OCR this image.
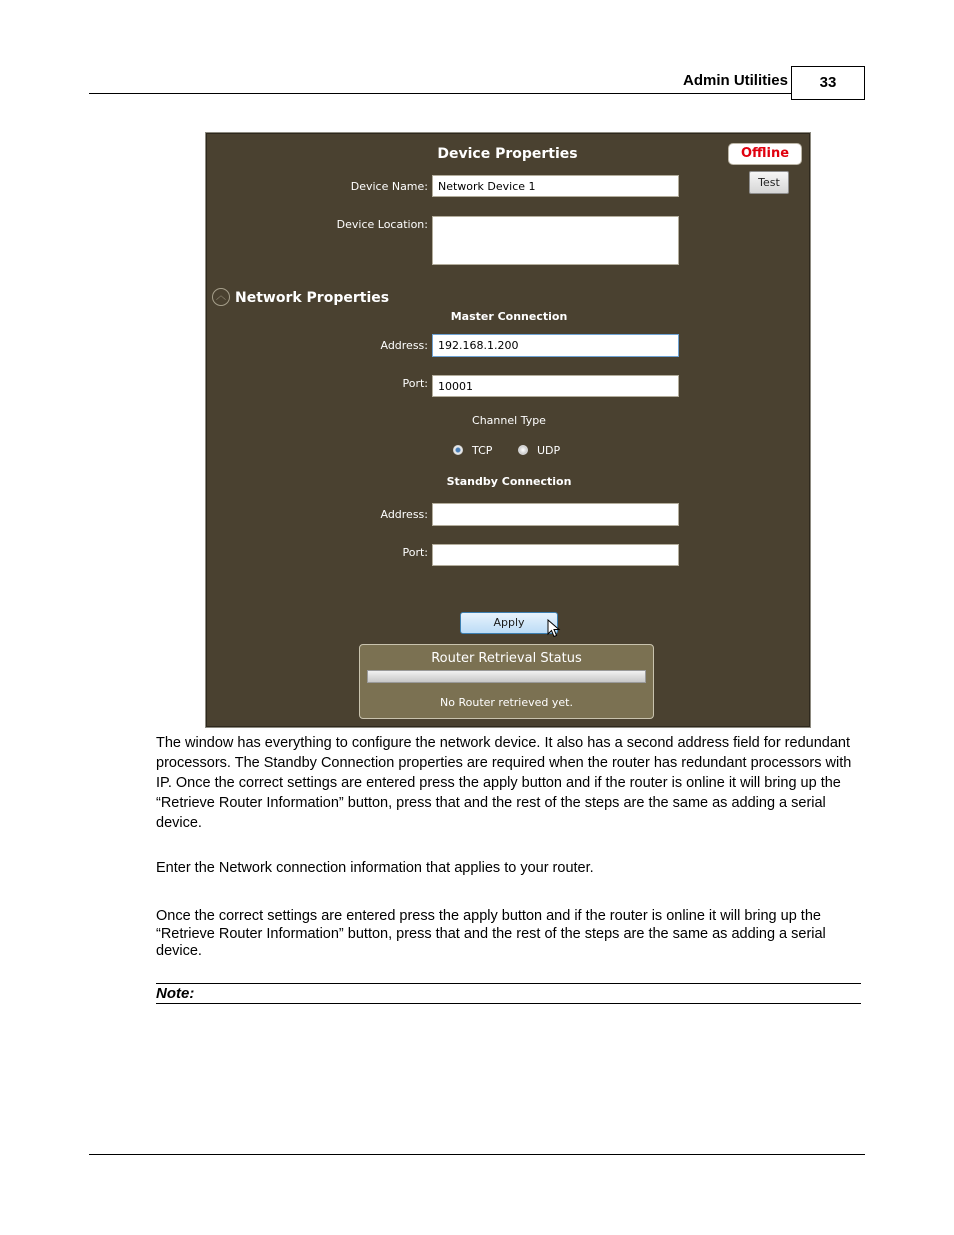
Admin Utilities	33
Device Properties	Offline
Test
Device Name:
Network Device 1
Device Location:
︿ Network Properties
Master Connection
Address:
192.168.1.200
Port:
10001
Channel Type
TCP	UDP
Standby Connection
Address:
Port:
Apply
Router Retrieval Status
No Router retrieved yet.
The window has everything to configure the network device. It also has a second address field for redundant processors. The Standby Connection properties are required when the router has redundant processors with IP. Once the correct settings are entered press the apply button and if the router is online it will bring up the “Retrieve Router Information” button, press that and the rest of the steps are the same as adding a serial device.
Enter the Network connection information that applies to your router.
Once the correct settings are entered press the apply button and if the router is online it will bring up the “Retrieve Router Information” button, press that and the rest of the steps are the same as adding a serial device.
Note:
